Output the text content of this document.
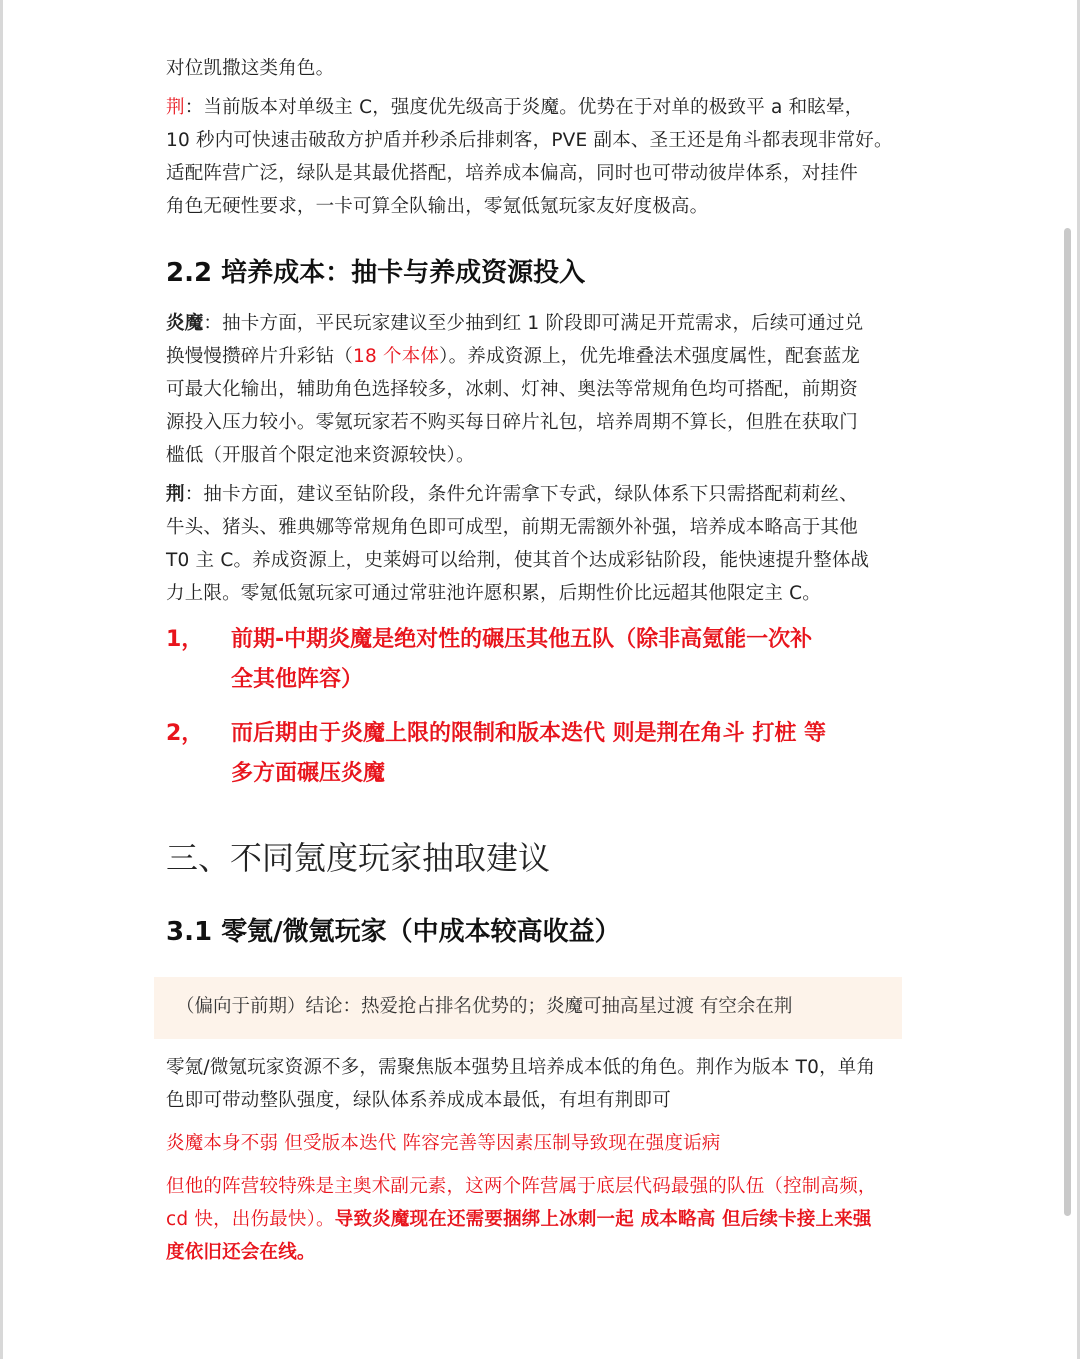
（偏向于前期）结论：热爱抢占排名优势的；炎魔可抽高星过渡 有空余在荆

对位凯撒这类角色。

荆：当前版本对单级主 C，强度优先级高于炎魔。优势在于对单的极致平 a 和眩晕，
10 秒内可快速击破敌方护盾并秒杀后排刺客，PVE 副本、圣王还是角斗都表现非常好。
适配阵营广泛，绿队是其最优搭配，培养成本偏高，同时也可带动彼岸体系，对挂件
角色无硬性要求，一卡可算全队输出，零氪低氪玩家友好度极高。

2.2 培养成本：抽卡与养成资源投入

炎魔：抽卡方面，平民玩家建议至少抽到红 1 阶段即可满足开荒需求，后续可通过兑
换慢慢攒碎片升彩钻（18 个本体）。养成资源上，优先堆叠法术强度属性，配套蓝龙
可最大化输出，辅助角色选择较多，冰刺、灯神、奥法等常规角色均可搭配，前期资
源投入压力较小。零氪玩家若不购买每日碎片礼包，培养周期不算长，但胜在获取门
槛低（开服首个限定池来资源较快）。

荆：抽卡方面，建议至钻阶段，条件允许需拿下专武，绿队体系下只需搭配莉莉丝、
牛头、猪头、雅典娜等常规角色即可成型，前期无需额外补强，培养成本略高于其他
T0 主 C。养成资源上，史莱姆可以给荆，使其首个达成彩钻阶段，能快速提升整体战
力上限。零氪低氪玩家可通过常驻池许愿积累，后期性价比远超其他限定主 C。

1，	前期-中期炎魔是绝对性的碾压其他五队（除非高氪能一次补
全其他阵容）
2，	而后期由于炎魔上限的限制和版本迭代 则是荆在角斗 打桩 等
多方面碾压炎魔
三、不同氪度玩家抽取建议
3.1 零氪/微氪玩家（中成本较高收益）

零氪/微氪玩家资源不多，需聚焦版本强势且培养成本低的角色。荆作为版本 T0，单角
色即可带动整队强度，绿队体系养成成本最低，有坦有荆即可

炎魔本身不弱 但受版本迭代 阵容完善等因素压制导致现在强度诟病

但他的阵营较特殊是主奥术副元素，这两个阵营属于底层代码最强的队伍（控制高频，
cd 快，出伤最快）。导致炎魔现在还需要捆绑上冰刺一起 成本略高 但后续卡接上来强
度依旧还会在线。
